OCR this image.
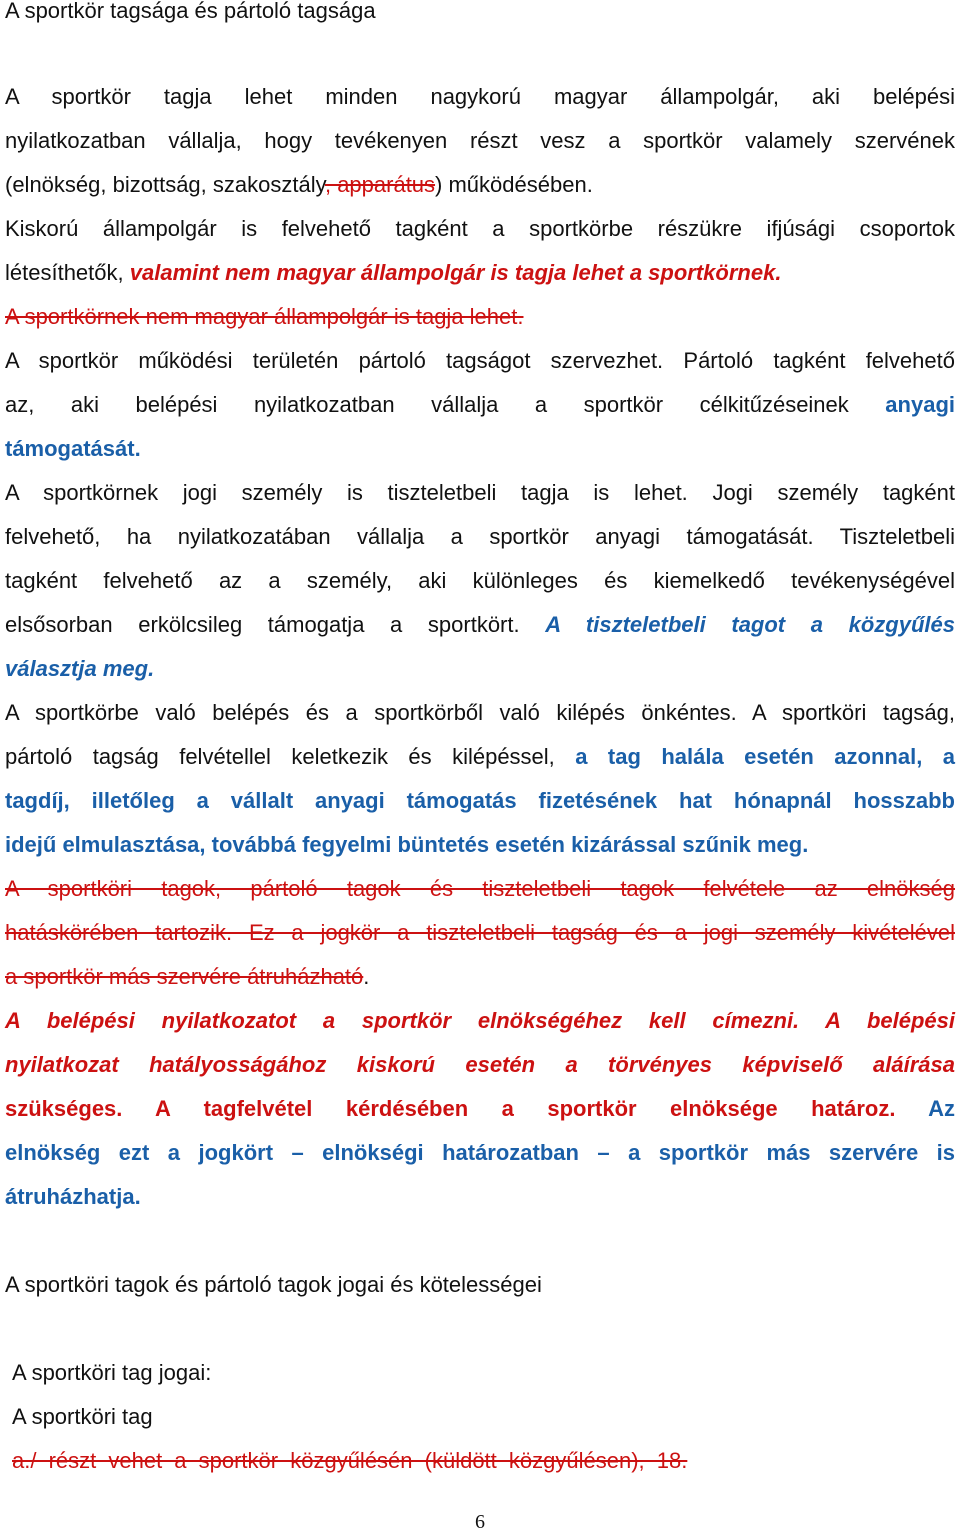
A sportkör tagsága és pártoló tagsága
A sportkör tagja lehet minden nagykorú magyar állampolgár, aki belépési
nyilatkozatban vállalja, hogy tevékenyen részt vesz a sportkör valamely szervének
(elnökség, bizottság, szakosztály, apparátus) működésében.
Kiskorú állampolgár is felvehető tagként a sportkörbe részükre ifjúsági csoportok
létesíthetők, valamint nem magyar állampolgár is tagja lehet a sportkörnek.
A sportkörnek nem magyar állampolgár is tagja lehet.
A sportkör működési területén pártoló tagságot szervezhet. Pártoló tagként felvehető
az, aki belépési nyilatkozatban vállalja a sportkör célkitűzéseinek anyagi
támogatását.
A sportkörnek jogi személy is tiszteletbeli tagja is lehet. Jogi személy tagként
felvehető, ha nyilatkozatában vállalja a sportkör anyagi támogatását. Tiszteletbeli
tagként felvehető az a személy, aki különleges és kiemelkedő tevékenységével
elsősorban erkölcsileg támogatja a sportkört. A tiszteletbeli tagot a közgyűlés
választja meg.
A sportkörbe való belépés és a sportkörből való kilépés önkéntes. A sportköri tagság,
pártoló tagság felvétellel keletkezik és kilépéssel, a tag halála esetén azonnal, a
tagdíj, illetőleg a vállalt anyagi támogatás fizetésének hat hónapnál hosszabb
idejű elmulasztása, továbbá fegyelmi büntetés esetén kizárással szűnik meg.
A sportköri tagok, pártoló tagok és tiszteletbeli tagok felvétele az elnökség
hatáskörében tartozik. Ez a jogkör a tiszteletbeli tagság és a jogi személy kivételével
a sportkör más szervére átruházható.
A belépési nyilatkozatot a sportkör elnökségéhez kell címezni. A belépési
nyilatkozat hatályosságához kiskorú esetén a törvényes képviselő aláírása
szükséges. A tagfelvétel kérdésében a sportkör elnöksége határoz. Az
elnökség ezt a jogkört – elnökségi határozatban – a sportkör más szervére is
átruházhatja.
A sportköri tagok és pártoló tagok jogai és kötelességei
A sportköri tag jogai:
A sportköri tag
a./ részt vehet a sportkör közgyűlésén (küldött közgyűlésen), 18.
6
